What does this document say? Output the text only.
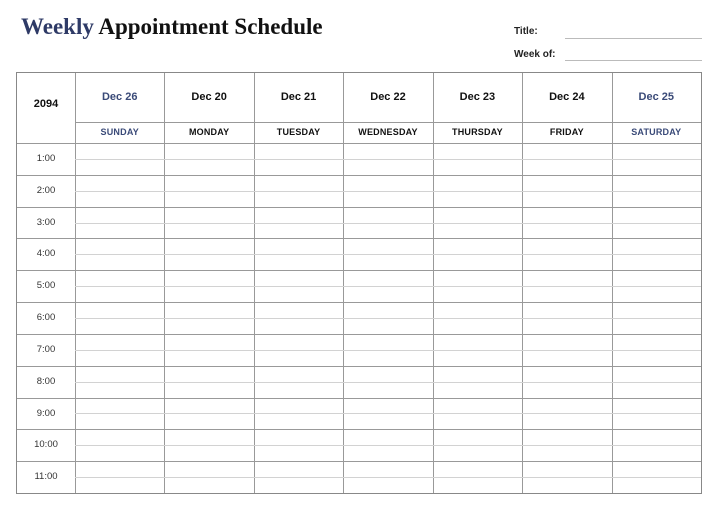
Weekly Appointment Schedule	Title:
Week of:
2094
Dec 26
SUNDAY
Dec 20
MONDAY
Dec 21
TUESDAY
Dec 22
WEDNESDAY
Dec 23
THURSDAY
Dec 24
FRIDAY
Dec 25
SATURDAY
1:00
2:00
3:00
4:00
5:00
6:00
7:00
8:00
9:00
10:00
11:00
